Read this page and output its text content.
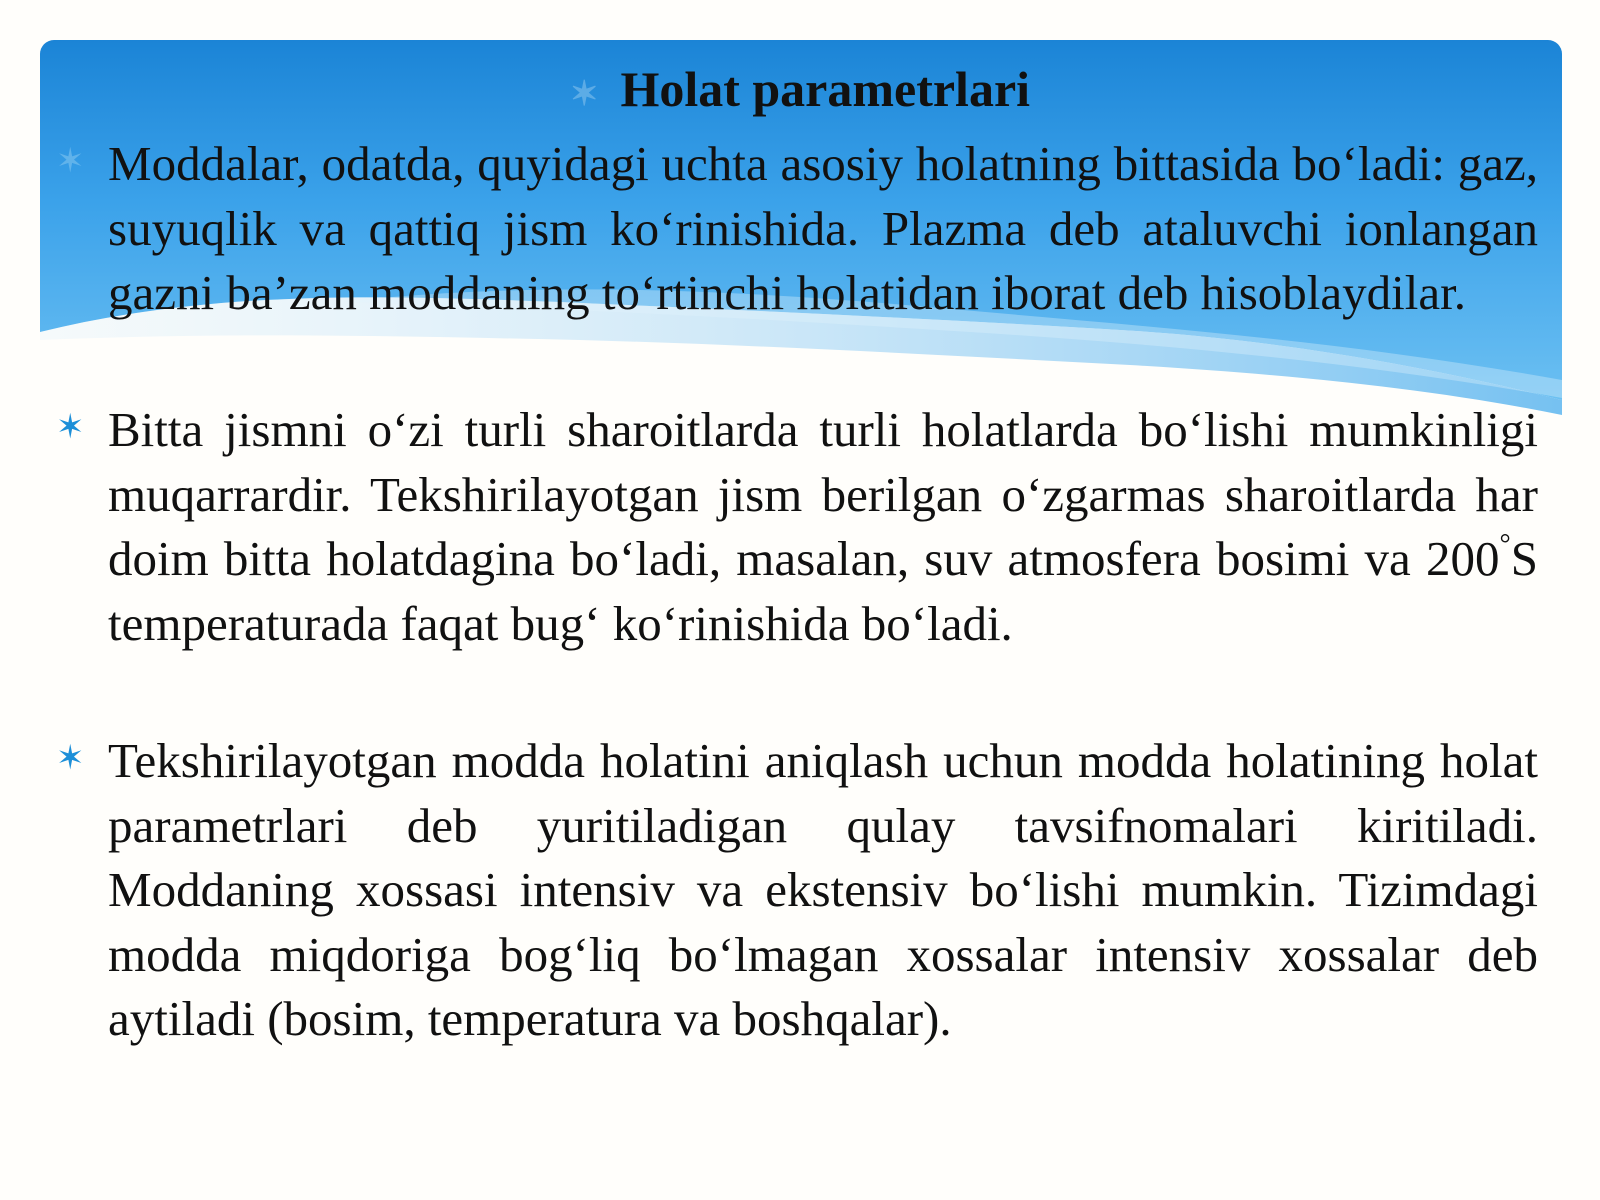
✶ Holat parametrlari
✶ Moddalar, odatda, quyidagi uchta asosiy holatning bittasida bo‘ladi: gaz, suyuqlik va qattiq jism ko‘rinishida. Plazma deb ataluvchi ionlangan gazni ba’zan moddaning to‘rtinchi holatidan iborat deb hisoblaydilar.
✶ Bitta jismni o‘zi turli sharoitlarda turli holatlarda bo‘lishi mumkinligi muqarrardir. Tekshirilayotgan jism berilgan o‘zgarmas sharoitlarda har doim bitta holatdagina bo‘ladi, masalan, suv atmosfera bosimi va 200°S temperaturada faqat bug‘ ko‘rinishida bo‘ladi.
✶ Tekshirilayotgan modda holatini aniqlash uchun modda holatining holat parametrlari deb yuritiladigan qulay tavsifnomalari kiritiladi. Moddaning xossasi intensiv va ekstensiv bo‘lishi mumkin. Tizimdagi modda miqdoriga bog‘liq bo‘lmagan xossalar intensiv xossalar deb aytiladi (bosim, temperatura va boshqalar).
